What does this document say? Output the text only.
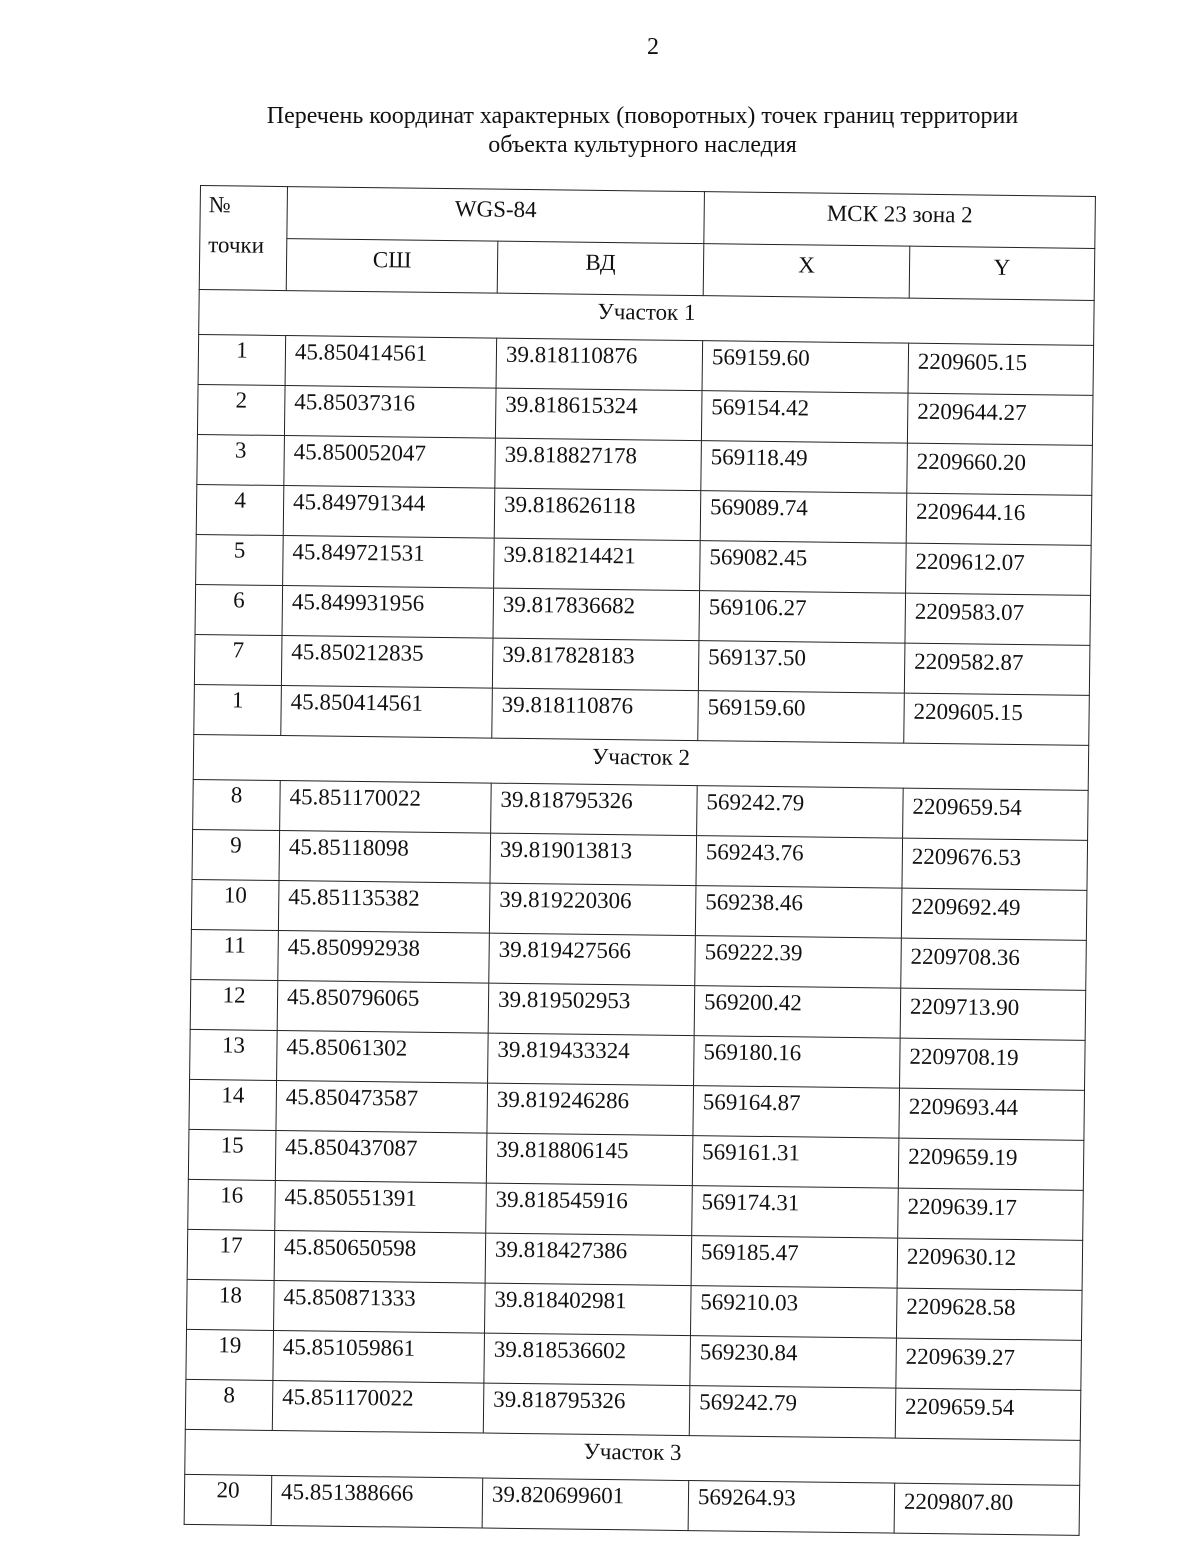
2
Перечень координат характерных (поворотных) точек границ территории
объекта культурного наследия
№
точки	WGS-84		МСК 23 зона 2	
	СШ	ВД	X	Y
Участок 1				
1	45.850414561	39.818110876	569159.60	2209605.15
2	45.85037316	39.818615324	569154.42	2209644.27
3	45.850052047	39.818827178	569118.49	2209660.20
4	45.849791344	39.818626118	569089.74	2209644.16
5	45.849721531	39.818214421	569082.45	2209612.07
6	45.849931956	39.817836682	569106.27	2209583.07
7	45.850212835	39.817828183	569137.50	2209582.87
1	45.850414561	39.818110876	569159.60	2209605.15
Участок 2				
8	45.851170022	39.818795326	569242.79	2209659.54
9	45.85118098	39.819013813	569243.76	2209676.53
10	45.851135382	39.819220306	569238.46	2209692.49
11	45.850992938	39.819427566	569222.39	2209708.36
12	45.850796065	39.819502953	569200.42	2209713.90
13	45.85061302	39.819433324	569180.16	2209708.19
14	45.850473587	39.819246286	569164.87	2209693.44
15	45.850437087	39.818806145	569161.31	2209659.19
16	45.850551391	39.818545916	569174.31	2209639.17
17	45.850650598	39.818427386	569185.47	2209630.12
18	45.850871333	39.818402981	569210.03	2209628.58
19	45.851059861	39.818536602	569230.84	2209639.27
8	45.851170022	39.818795326	569242.79	2209659.54
Участок 3				
20	45.851388666	39.820699601	569264.93	2209807.80
